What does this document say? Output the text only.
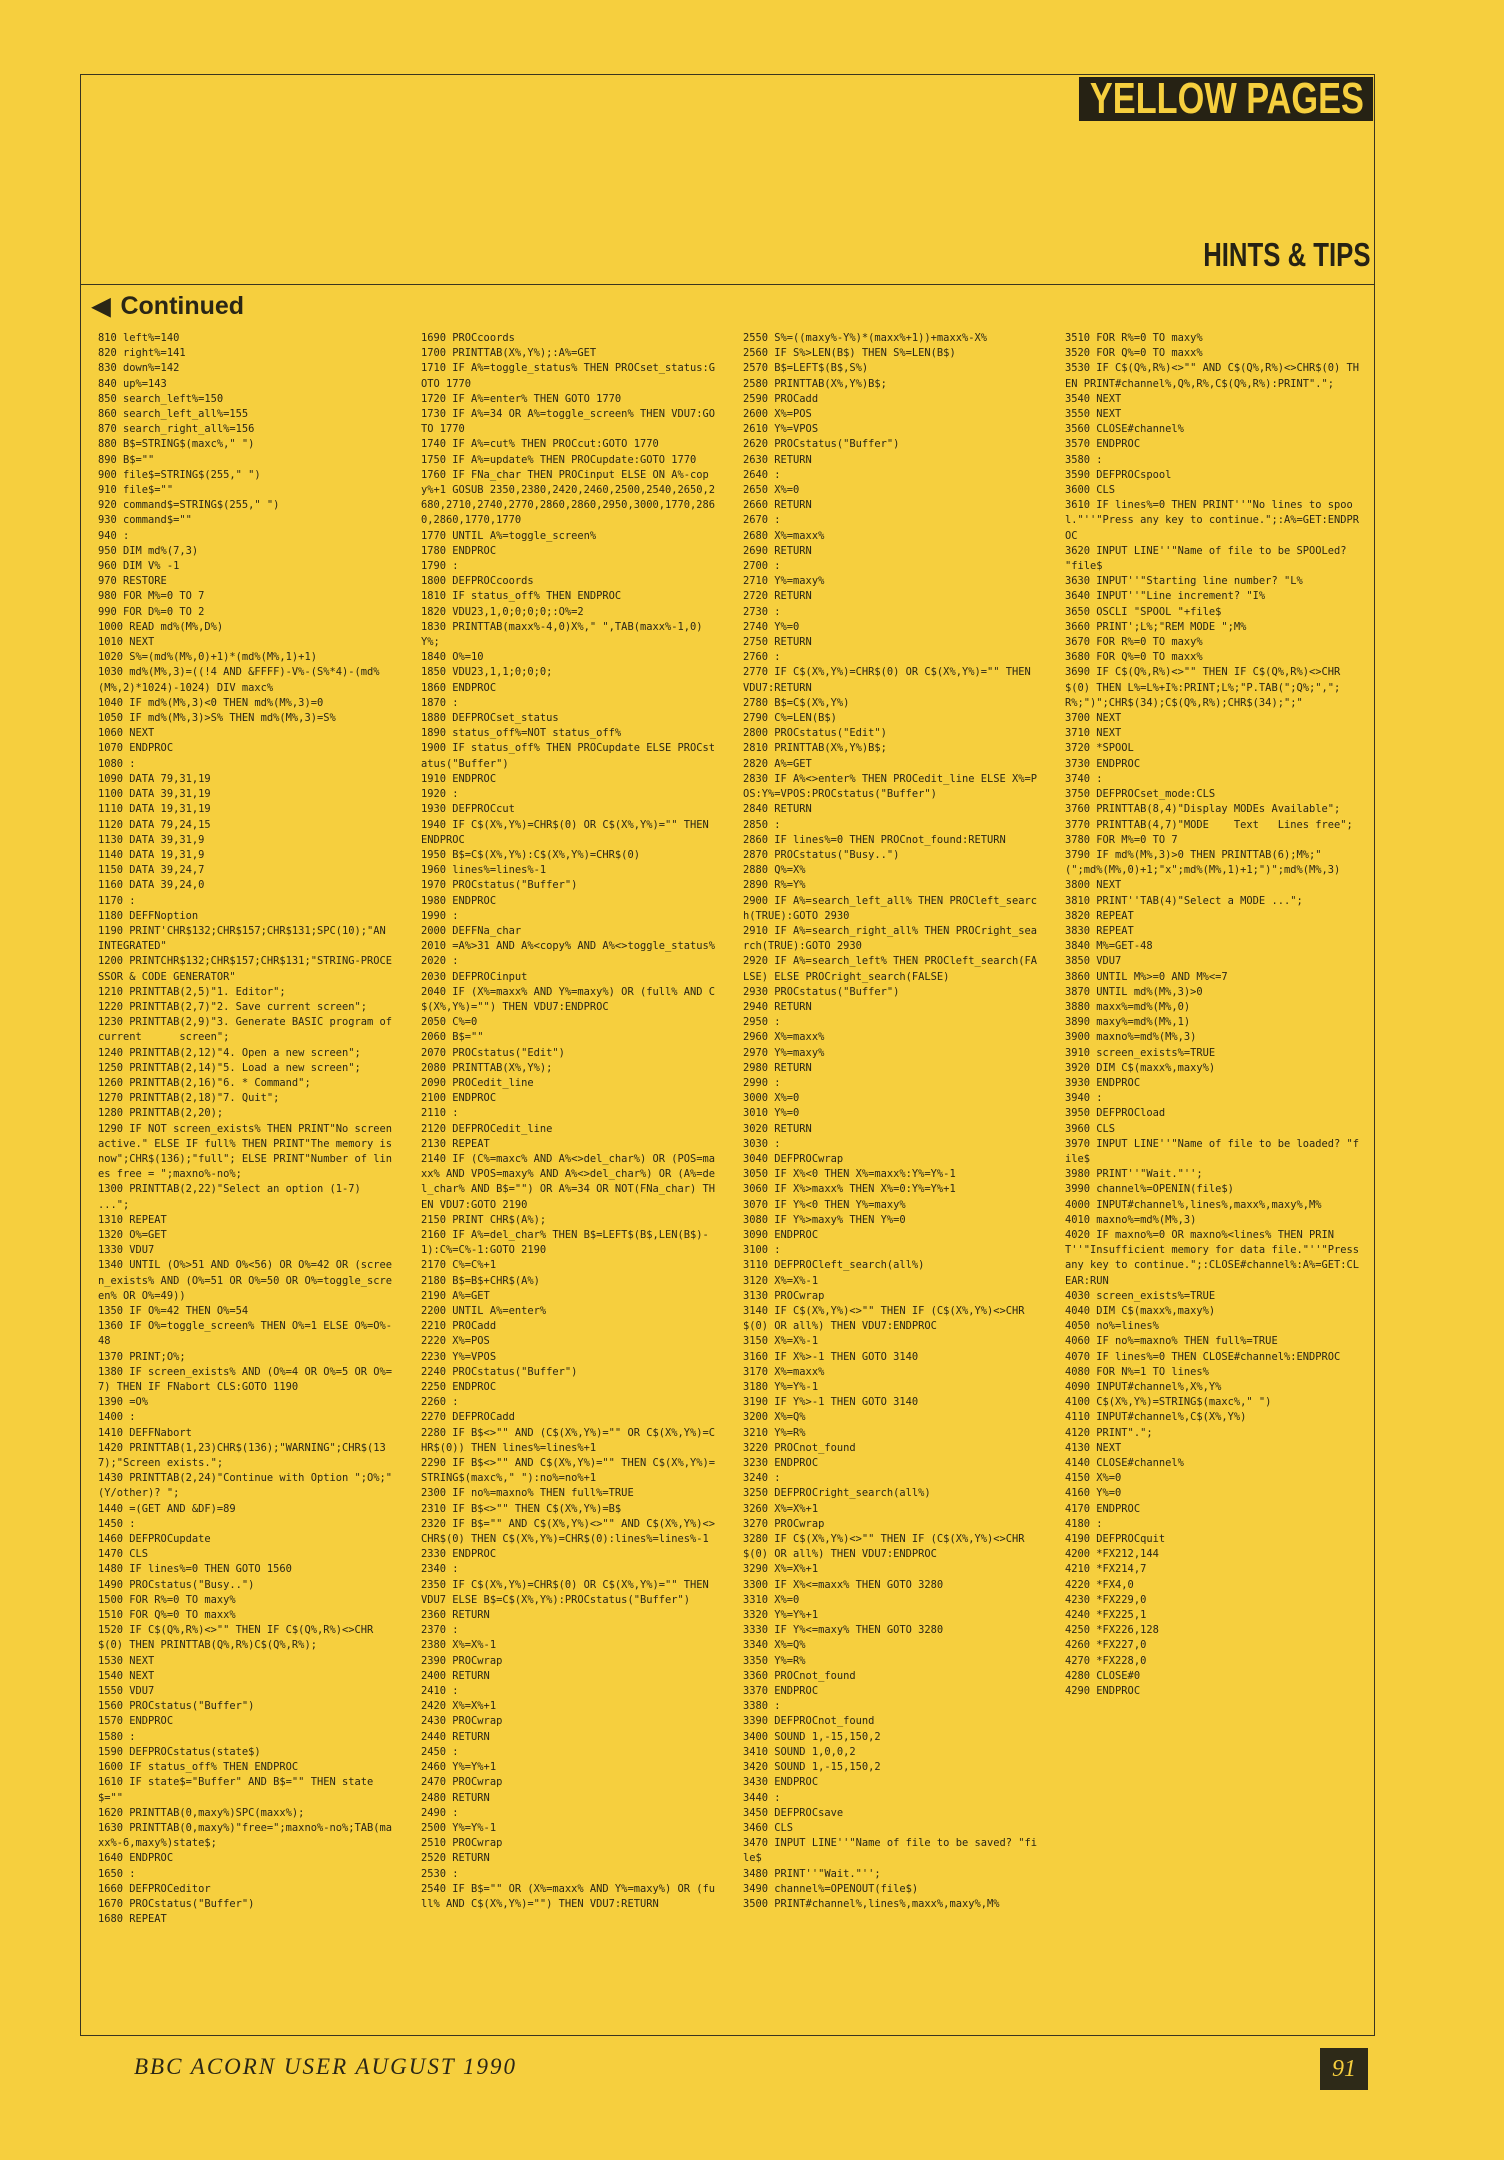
YELLOW PAGES
HINTS & TIPS
◀ Continued
810 left%=140
820 right%=141
830 down%=142
840 up%=143
850 search_left%=150
860 search_left_all%=155
870 search_right_all%=156
880 B$=STRING$(maxc%," ")
890 B$=""
900 file$=STRING$(255," ")
910 file$=""
920 command$=STRING$(255," ")
930 command$=""
940 :
950 DIM md%(7,3)
960 DIM V% -1
970 RESTORE
980 FOR M%=0 TO 7
990 FOR D%=0 TO 2
1000 READ md%(M%,D%)
1010 NEXT
1020 S%=(md%(M%,0)+1)*(md%(M%,1)+1)
1030 md%(M%,3)=((!4 AND &FFFF)-V%-(S%*4)-(md%(M%,2)*1024)-1024) DIV maxc%
1040 IF md%(M%,3)<0 THEN md%(M%,3)=0
1050 IF md%(M%,3)>S% THEN md%(M%,3)=S%
1060 NEXT
1070 ENDPROC
1080 :
1090 DATA 79,31,19
1100 DATA 39,31,19
1110 DATA 19,31,19
1120 DATA 79,24,15
1130 DATA 39,31,9
1140 DATA 19,31,9
1150 DATA 39,24,7
1160 DATA 39,24,0
1170 :
1180 DEFFNoption
1190 PRINT'CHR$132;CHR$157;CHR$131;SPC(10);"AN INTEGRATED"
1200 PRINTCHR$132;CHR$157;CHR$131;"STRING-PROCESSOR & CODE GENERATOR"
1210 PRINTTAB(2,5)"1. Editor";
1220 PRINTTAB(2,7)"2. Save current screen";
1230 PRINTTAB(2,9)"3. Generate BASIC program of current      screen";
1240 PRINTTAB(2,12)"4. Open a new screen";
1250 PRINTTAB(2,14)"5. Load a new screen";
1260 PRINTTAB(2,16)"6. * Command";
1270 PRINTTAB(2,18)"7. Quit";
1280 PRINTTAB(2,20);
1290 IF NOT screen_exists% THEN PRINT"No screen active." ELSE IF full% THEN PRINT"The memory is now";CHR$(136);"full"; ELSE PRINT"Number of lines free = ";maxno%-no%;
1300 PRINTTAB(2,22)"Select an option (1-7) ...";
1310 REPEAT
1320 O%=GET
1330 VDU7
1340 UNTIL (O%>51 AND O%<56) OR O%=42 OR (screen_exists% AND (O%=51 OR O%=50 OR O%=toggle_screen% OR O%=49))
1350 IF O%=42 THEN O%=54
1360 IF O%=toggle_screen% THEN O%=1 ELSE O%=O%-48
1370 PRINT;O%;
1380 IF screen_exists% AND (O%=4 OR O%=5 OR O%=7) THEN IF FNabort CLS:GOTO 1190
1390 =O%
1400 :
1410 DEFFNabort
1420 PRINTTAB(1,23)CHR$(136);"WARNING";CHR$(137);"Screen exists.";
1430 PRINTTAB(2,24)"Continue with Option ";O%;" (Y/other)? ";
1440 =(GET AND &DF)=89
1450 :
1460 DEFPROCupdate
1470 CLS
1480 IF lines%=0 THEN GOTO 1560
1490 PROCstatus("Busy..")
1500 FOR R%=0 TO maxy%
1510 FOR Q%=0 TO maxx%
1520 IF C$(Q%,R%)<>"" THEN IF C$(Q%,R%)<>CHR$(0) THEN PRINTTAB(Q%,R%)C$(Q%,R%);
1530 NEXT
1540 NEXT
1550 VDU7
1560 PROCstatus("Buffer")
1570 ENDPROC
1580 :
1590 DEFPROCstatus(state$)
1600 IF status_off% THEN ENDPROC
1610 IF state$="Buffer" AND B$="" THEN state$=""
1620 PRINTTAB(0,maxy%)SPC(maxx%);
1630 PRINTTAB(0,maxy%)"free=";maxno%-no%;TAB(maxx%-6,maxy%)state$;
1640 ENDPROC
1650 :
1660 DEFPROCeditor
1670 PROCstatus("Buffer")
1680 REPEAT
1690 PROCcoords
1700 PRINTTAB(X%,Y%);:A%=GET
1710 IF A%=toggle_status% THEN PROCset_status:GOTO 1770
1720 IF A%=enter% THEN GOTO 1770
1730 IF A%=34 OR A%=toggle_screen% THEN VDU7:GOTO 1770
1740 IF A%=cut% THEN PROCcut:GOTO 1770
1750 IF A%=update% THEN PROCupdate:GOTO 1770
1760 IF FNa_char THEN PROCinput ELSE ON A%-copy%+1 GOSUB 2350,2380,2420,2460,2500,2540,2650,2680,2710,2740,2770,2860,2860,2950,3000,1770,2860,2860,1770,1770
1770 UNTIL A%=toggle_screen%
1780 ENDPROC
1790 :
1800 DEFPROCcoords
1810 IF status_off% THEN ENDPROC
1820 VDU23,1,0;0;0;0;:O%=2
1830 PRINTTAB(maxx%-4,0)X%," ",TAB(maxx%-1,0)Y%;
1840 O%=10
1850 VDU23,1,1;0;0;0;
1860 ENDPROC
1870 :
1880 DEFPROCset_status
1890 status_off%=NOT status_off%
1900 IF status_off% THEN PROCupdate ELSE PROCstatus("Buffer")
1910 ENDPROC
1920 :
1930 DEFPROCcut
1940 IF C$(X%,Y%)=CHR$(0) OR C$(X%,Y%)="" THEN ENDPROC
1950 B$=C$(X%,Y%):C$(X%,Y%)=CHR$(0)
1960 lines%=lines%-1
1970 PROCstatus("Buffer")
1980 ENDPROC
1990 :
2000 DEFFNa_char
2010 =A%>31 AND A%<copy% AND A%<>toggle_status%
2020 :
2030 DEFPROCinput
2040 IF (X%=maxx% AND Y%=maxy%) OR (full% AND C$(X%,Y%)="") THEN VDU7:ENDPROC
2050 C%=0
2060 B$=""
2070 PROCstatus("Edit")
2080 PRINTTAB(X%,Y%);
2090 PROCedit_line
2100 ENDPROC
2110 :
2120 DEFPROCedit_line
2130 REPEAT
2140 IF (C%=maxc% AND A%<>del_char%) OR (POS=maxx% AND VPOS=maxy% AND A%<>del_char%) OR (A%=del_char% AND B$="") OR A%=34 OR NOT(FNa_char) THEN VDU7:GOTO 2190
2150 PRINT CHR$(A%);
2160 IF A%=del_char% THEN B$=LEFT$(B$,LEN(B$)-1):C%=C%-1:GOTO 2190
2170 C%=C%+1
2180 B$=B$+CHR$(A%)
2190 A%=GET
2200 UNTIL A%=enter%
2210 PROCadd
2220 X%=POS
2230 Y%=VPOS
2240 PROCstatus("Buffer")
2250 ENDPROC
2260 :
2270 DEFPROCadd
2280 IF B$<>"" AND (C$(X%,Y%)="" OR C$(X%,Y%)=CHR$(0)) THEN lines%=lines%+1
2290 IF B$<>"" AND C$(X%,Y%)="" THEN C$(X%,Y%)=STRING$(maxc%," "):no%=no%+1
2300 IF no%=maxno% THEN full%=TRUE
2310 IF B$<>"" THEN C$(X%,Y%)=B$
2320 IF B$="" AND C$(X%,Y%)<>"" AND C$(X%,Y%)<>CHR$(0) THEN C$(X%,Y%)=CHR$(0):lines%=lines%-1
2330 ENDPROC
2340 :
2350 IF C$(X%,Y%)=CHR$(0) OR C$(X%,Y%)="" THEN VDU7 ELSE B$=C$(X%,Y%):PROCstatus("Buffer")
2360 RETURN
2370 :
2380 X%=X%-1
2390 PROCwrap
2400 RETURN
2410 :
2420 X%=X%+1
2430 PROCwrap
2440 RETURN
2450 :
2460 Y%=Y%+1
2470 PROCwrap
2480 RETURN
2490 :
2500 Y%=Y%-1
2510 PROCwrap
2520 RETURN
2530 :
2540 IF B$="" OR (X%=maxx% AND Y%=maxy%) OR (full% AND C$(X%,Y%)="") THEN VDU7:RETURN
2550 S%=((maxy%-Y%)*(maxx%+1))+maxx%-X%
2560 IF S%>LEN(B$) THEN S%=LEN(B$)
2570 B$=LEFT$(B$,S%)
2580 PRINTTAB(X%,Y%)B$;
2590 PROCadd
2600 X%=POS
2610 Y%=VPOS
2620 PROCstatus("Buffer")
2630 RETURN
2640 :
2650 X%=0
2660 RETURN
2670 :
2680 X%=maxx%
2690 RETURN
2700 :
2710 Y%=maxy%
2720 RETURN
2730 :
2740 Y%=0
2750 RETURN
2760 :
2770 IF C$(X%,Y%)=CHR$(0) OR C$(X%,Y%)="" THEN VDU7:RETURN
2780 B$=C$(X%,Y%)
2790 C%=LEN(B$)
2800 PROCstatus("Edit")
2810 PRINTTAB(X%,Y%)B$;
2820 A%=GET
2830 IF A%<>enter% THEN PROCedit_line ELSE X%=POS:Y%=VPOS:PROCstatus("Buffer")
2840 RETURN
2850 :
2860 IF lines%=0 THEN PROCnot_found:RETURN
2870 PROCstatus("Busy..")
2880 Q%=X%
2890 R%=Y%
2900 IF A%=search_left_all% THEN PROCleft_search(TRUE):GOTO 2930
2910 IF A%=search_right_all% THEN PROCright_search(TRUE):GOTO 2930
2920 IF A%=search_left% THEN PROCleft_search(FALSE) ELSE PROCright_search(FALSE)
2930 PROCstatus("Buffer")
2940 RETURN
2950 :
2960 X%=maxx%
2970 Y%=maxy%
2980 RETURN
2990 :
3000 X%=0
3010 Y%=0
3020 RETURN
3030 :
3040 DEFPROCwrap
3050 IF X%<0 THEN X%=maxx%:Y%=Y%-1
3060 IF X%>maxx% THEN X%=0:Y%=Y%+1
3070 IF Y%<0 THEN Y%=maxy%
3080 IF Y%>maxy% THEN Y%=0
3090 ENDPROC
3100 :
3110 DEFPROCleft_search(all%)
3120 X%=X%-1
3130 PROCwrap
3140 IF C$(X%,Y%)<>"" THEN IF (C$(X%,Y%)<>CHR$(0) OR all%) THEN VDU7:ENDPROC
3150 X%=X%-1
3160 IF X%>-1 THEN GOTO 3140
3170 X%=maxx%
3180 Y%=Y%-1
3190 IF Y%>-1 THEN GOTO 3140
3200 X%=Q%
3210 Y%=R%
3220 PROCnot_found
3230 ENDPROC
3240 :
3250 DEFPROCright_search(all%)
3260 X%=X%+1
3270 PROCwrap
3280 IF C$(X%,Y%)<>"" THEN IF (C$(X%,Y%)<>CHR$(0) OR all%) THEN VDU7:ENDPROC
3290 X%=X%+1
3300 IF X%<=maxx% THEN GOTO 3280
3310 X%=0
3320 Y%=Y%+1
3330 IF Y%<=maxy% THEN GOTO 3280
3340 X%=Q%
3350 Y%=R%
3360 PROCnot_found
3370 ENDPROC
3380 :
3390 DEFPROCnot_found
3400 SOUND 1,-15,150,2
3410 SOUND 1,0,0,2
3420 SOUND 1,-15,150,2
3430 ENDPROC
3440 :
3450 DEFPROCsave
3460 CLS
3470 INPUT LINE''"Name of file to be saved? "file$
3480 PRINT''"Wait."'';
3490 channel%=OPENOUT(file$)
3500 PRINT#channel%,lines%,maxx%,maxy%,M%
3510 FOR R%=0 TO maxy%
3520 FOR Q%=0 TO maxx%
3530 IF C$(Q%,R%)<>"" AND C$(Q%,R%)<>CHR$(0) THEN PRINT#channel%,Q%,R%,C$(Q%,R%):PRINT".";
3540 NEXT
3550 NEXT
3560 CLOSE#channel%
3570 ENDPROC
3580 :
3590 DEFPROCspool
3600 CLS
3610 IF lines%=0 THEN PRINT''"No lines to spool."''"Press any key to continue.";:A%=GET:ENDPROC
3620 INPUT LINE''"Name of file to be SPOOLed? "file$
3630 INPUT''"Starting line number? "L%
3640 INPUT''"Line increment? "I%
3650 OSCLI "SPOOL "+file$
3660 PRINT';L%;"REM MODE ";M%
3670 FOR R%=0 TO maxy%
3680 FOR Q%=0 TO maxx%
3690 IF C$(Q%,R%)<>"" THEN IF C$(Q%,R%)<>CHR$(0) THEN L%=L%+I%:PRINT;L%;"P.TAB(";Q%;",";R%;")";CHR$(34);C$(Q%,R%);CHR$(34);";"
3700 NEXT
3710 NEXT
3720 *SPOOL
3730 ENDPROC
3740 :
3750 DEFPROCset_mode:CLS
3760 PRINTTAB(8,4)"Display MODEs Available";
3770 PRINTTAB(4,7)"MODE    Text   Lines free";
3780 FOR M%=0 TO 7
3790 IF md%(M%,3)>0 THEN PRINTTAB(6);M%;"    (";md%(M%,0)+1;"x";md%(M%,1)+1;")";md%(M%,3)
3800 NEXT
3810 PRINT''TAB(4)"Select a MODE ...";
3820 REPEAT
3830 REPEAT
3840 M%=GET-48
3850 VDU7
3860 UNTIL M%>=0 AND M%<=7
3870 UNTIL md%(M%,3)>0
3880 maxx%=md%(M%,0)
3890 maxy%=md%(M%,1)
3900 maxno%=md%(M%,3)
3910 screen_exists%=TRUE
3920 DIM C$(maxx%,maxy%)
3930 ENDPROC
3940 :
3950 DEFPROCload
3960 CLS
3970 INPUT LINE''"Name of file to be loaded? "file$
3980 PRINT''"Wait."'';
3990 channel%=OPENIN(file$)
4000 INPUT#channel%,lines%,maxx%,maxy%,M%
4010 maxno%=md%(M%,3)
4020 IF maxno%=0 OR maxno%<lines% THEN PRINT''"Insufficient memory for data file."''"Press any key to continue.";:CLOSE#channel%:A%=GET:CLEAR:RUN
4030 screen_exists%=TRUE
4040 DIM C$(maxx%,maxy%)
4050 no%=lines%
4060 IF no%=maxno% THEN full%=TRUE
4070 IF lines%=0 THEN CLOSE#channel%:ENDPROC
4080 FOR N%=1 TO lines%
4090 INPUT#channel%,X%,Y%
4100 C$(X%,Y%)=STRING$(maxc%," ")
4110 INPUT#channel%,C$(X%,Y%)
4120 PRINT".";
4130 NEXT
4140 CLOSE#channel%
4150 X%=0
4160 Y%=0
4170 ENDPROC
4180 :
4190 DEFPROCquit
4200 *FX212,144
4210 *FX214,7
4220 *FX4,0
4230 *FX229,0
4240 *FX225,1
4250 *FX226,128
4260 *FX227,0
4270 *FX228,0
4280 CLOSE#0
4290 ENDPROC
BBC ACORN USER AUGUST 1990	91
